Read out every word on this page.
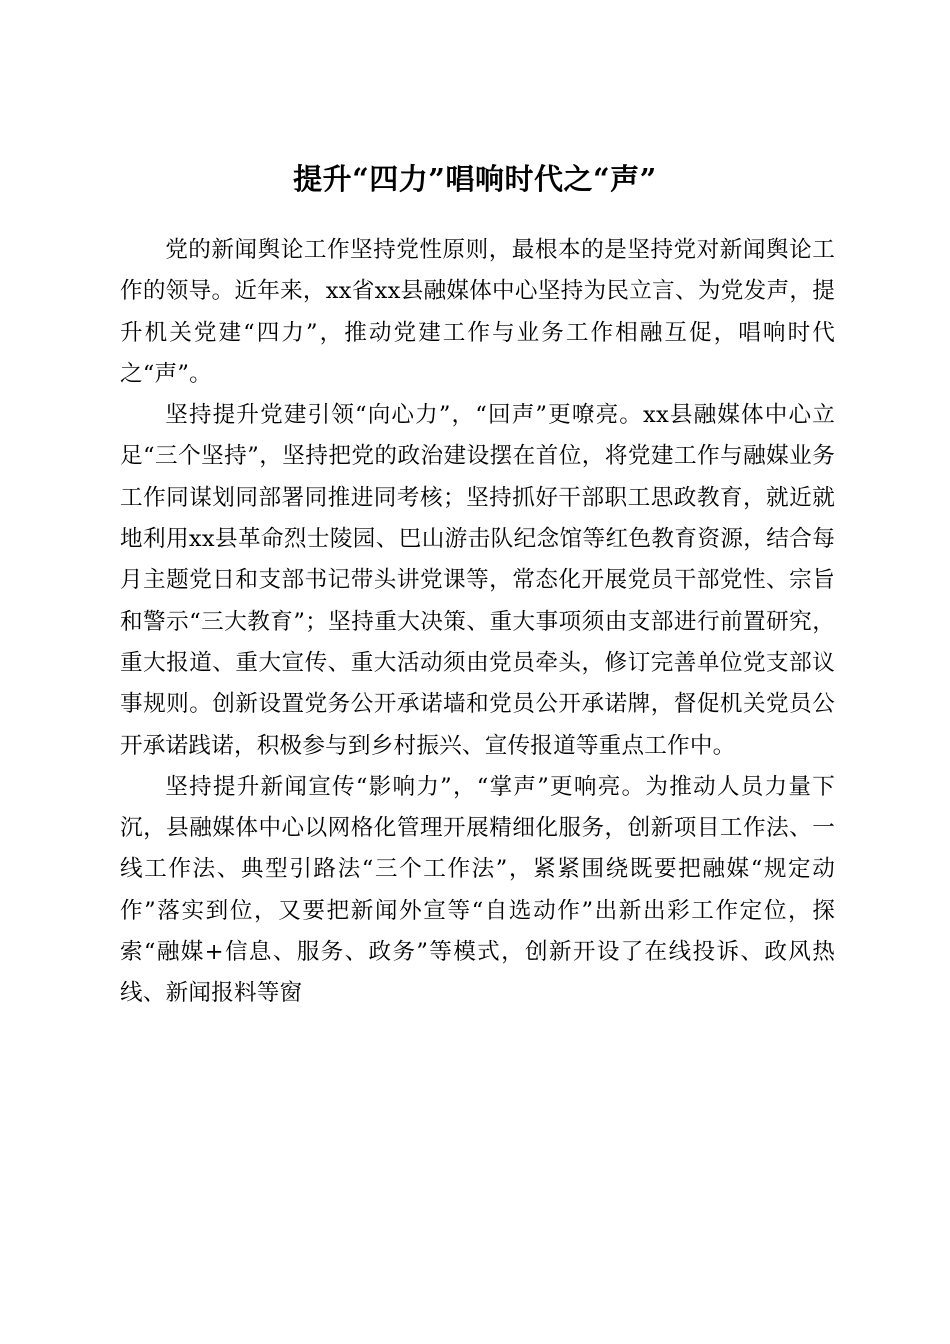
提升“四力”唱响时代之“声”

党的新闻舆论工作坚持党性原则，最根本的是坚持党对新闻舆论工作的领导。近年来，xx省xx县融媒体中心坚持为民立言、为党发声，提升机关党建“四力”，推动党建工作与业务工作相融互促，唱响时代之“声”。

坚持提升党建引领“向心力”，“回声”更嘹亮。xx县融媒体中心立足“三个坚持”，坚持把党的政治建设摆在首位，将党建工作与融媒业务工作同谋划同部署同推进同考核；坚持抓好干部职工思政教育，就近就地利用xx县革命烈士陵园、巴山游击队纪念馆等红色教育资源，结合每月主题党日和支部书记带头讲党课等，常态化开展党员干部党性、宗旨和警示“三大教育”；坚持重大决策、重大事项须由支部进行前置研究，重大报道、重大宣传、重大活动须由党员牵头，修订完善单位党支部议事规则。创新设置党务公开承诺墙和党员公开承诺牌，督促机关党员公开承诺践诺，积极参与到乡村振兴、宣传报道等重点工作中。

坚持提升新闻宣传“影响力”，“掌声”更响亮。为推动人员力量下沉，县融媒体中心以网格化管理开展精细化服务，创新项目工作法、一线工作法、典型引路法“三个工作法”，紧紧围绕既要把融媒“规定动作”落实到位，又要把新闻外宣等“自选动作”出新出彩工作定位，探索“融媒+信息、服务、政务”等模式，创新开设了在线投诉、政风热线、新闻报料等窗
